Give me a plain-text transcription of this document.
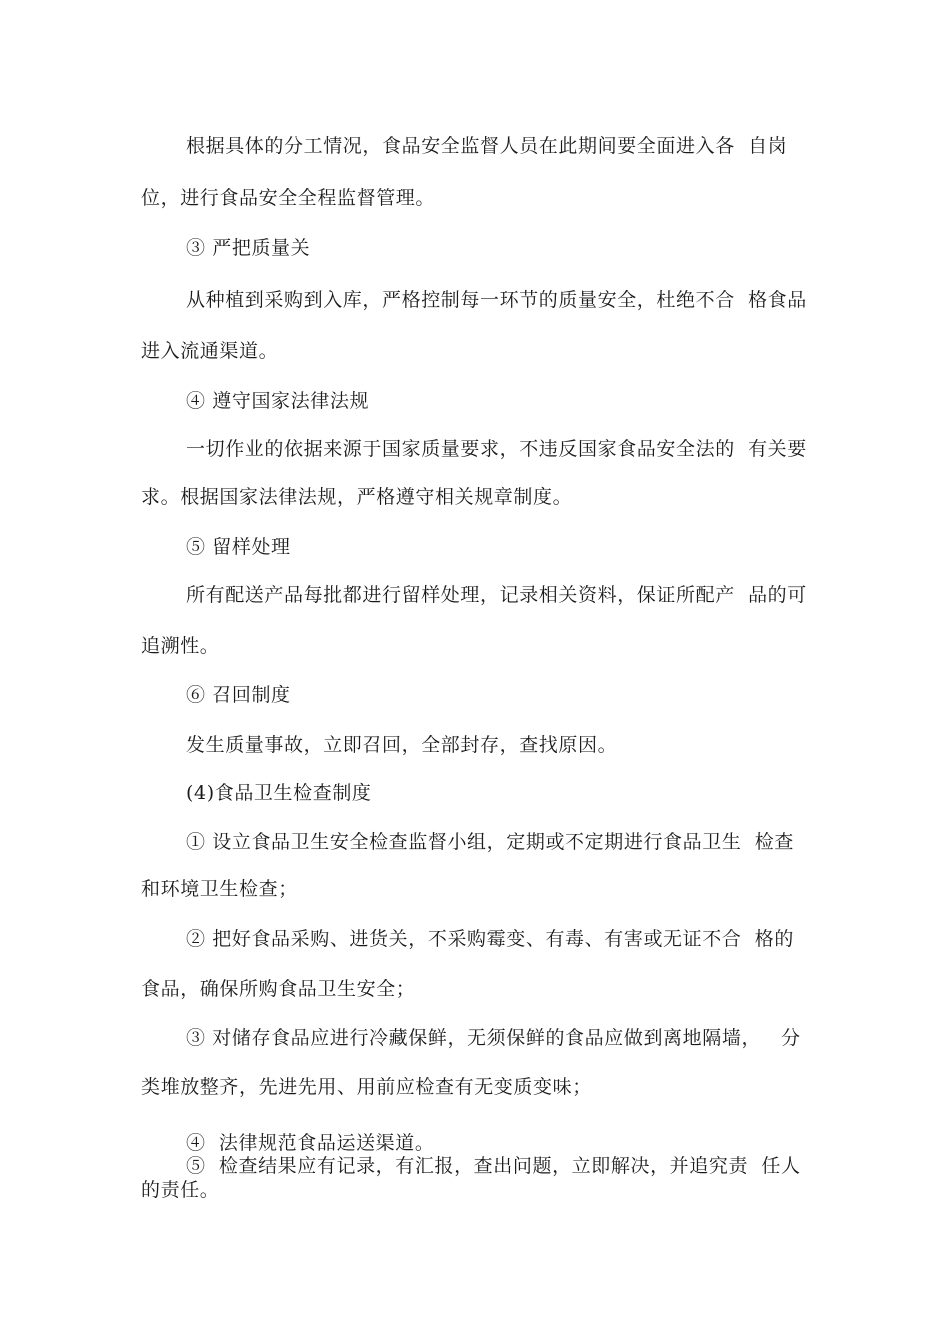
根据具体的分工情况，食品安全监督人员在此期间要全面进入各  自岗
位，进行食品安全全程监督管理。
③ 严把质量关
从种植到采购到入库，严格控制每一环节的质量安全，杜绝不合  格食品
进入流通渠道。
④ 遵守国家法律法规
一切作业的依据来源于国家质量要求，不违反国家食品安全法的  有关要
求。根据国家法律法规，严格遵守相关规章制度。
⑤ 留样处理
所有配送产品每批都进行留样处理，记录相关资料，保证所配产  品的可
追溯性。
⑥ 召回制度
发生质量事故，立即召回，全部封存，查找原因。
(4)食品卫生检查制度
① 设立食品卫生安全检查监督小组，定期或不定期进行食品卫生  检查
和环境卫生检查；
② 把好食品采购、进货关，不采购霉变、有毒、有害或无证不合  格的
食品，确保所购食品卫生安全；
③ 对储存食品应进行冷藏保鲜，无须保鲜的食品应做到离地隔墙，   分
类堆放整齐，先进先用、用前应检查有无变质变味；
④  法律规范食品运送渠道。
⑤  检查结果应有记录，有汇报，查出问题，立即解决，并追究责  任人
的责任。
